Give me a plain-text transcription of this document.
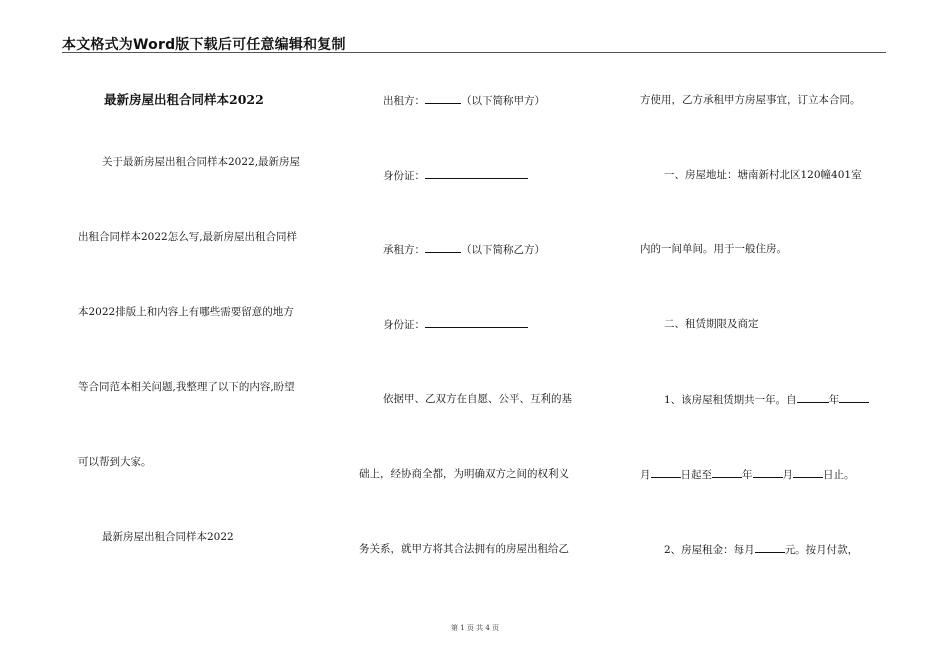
本文格式为Word版下载后可任意编辑和复制
最新房屋出租合同样本2022
关于最新房屋出租合同样本2022,最新房屋
出租合同样本2022怎么写,最新房屋出租合同样
本2022排版上和内容上有哪些需要留意的地方
等合同范本相关问题,我整理了以下的内容,盼望
可以帮到大家。
最新房屋出租合同样本2022
出租方：	（以下简称甲方）
身份证：
承租方：	（以下简称乙方）
身份证：
依据甲、乙双方在自愿、公平、互利的基
础上，经协商全都，为明确双方之间的权利义
务关系，就甲方将其合法拥有的房屋出租给乙
方使用，乙方承租甲方房屋事宜，订立本合同。
一、房屋地址：塘南新村北区120幢401室
内的一间单间。用于一般住房。
二、租赁期限及商定
1、该房屋租赁期共一年。自	年
月	日起至	年	月	日止。
2、房屋租金：每月	元。按月付款，
第 1 页 共 4 页
